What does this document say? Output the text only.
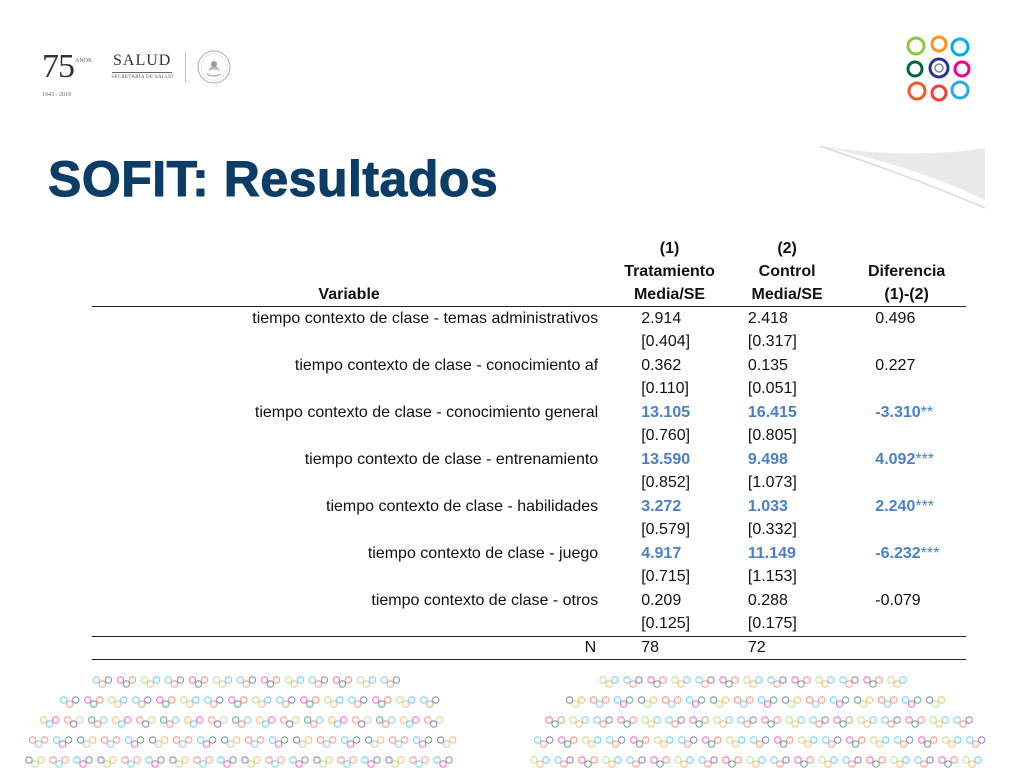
75 AÑOS
1943 - 2018
SALUD
SECRETARÍA DE SALUD
SOFIT: Resultados
	(1)	(2)	
	Tratamiento	Control	Diferencia
Variable	Media/SE	Media/SE	(1)-(2)
tiempo contexto de clase - temas administrativos	2.914	2.418	0.496
	[0.404]	[0.317]	
tiempo contexto de clase - conocimiento af	0.362	0.135	0.227
	[0.110]	[0.051]	
tiempo contexto de clase - conocimiento general	13.105	16.415	-3.310**
	[0.760]	[0.805]	
tiempo contexto de clase - entrenamiento	13.590	9.498	4.092***
	[0.852]	[1.073]	
tiempo contexto de clase - habilidades	3.272	1.033	2.240***
	[0.579]	[0.332]	
tiempo contexto de clase - juego	4.917	11.149	-6.232***
	[0.715]	[1.153]	
tiempo contexto de clase - otros	0.209	0.288	-0.079
	[0.125]	[0.175]	
N	78	72	
